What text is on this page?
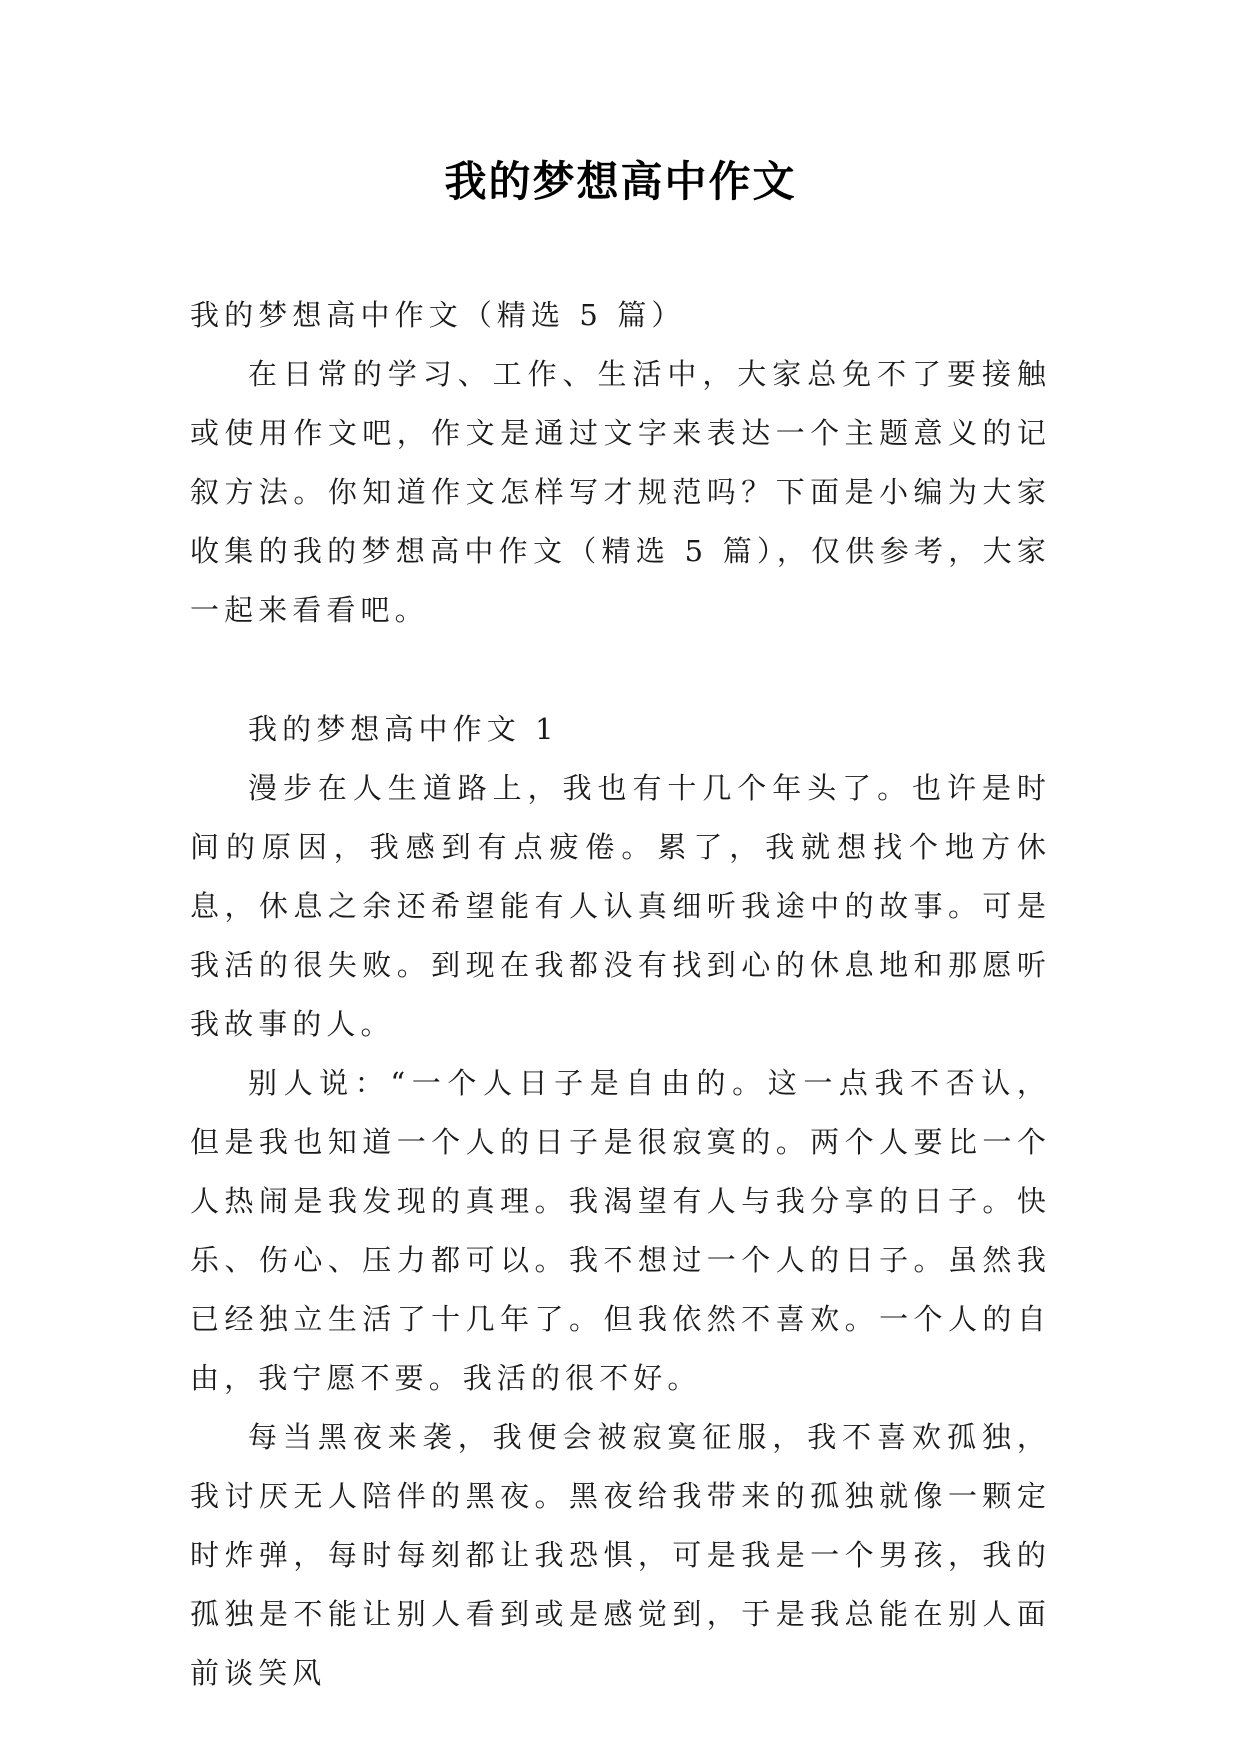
我的梦想高中作文

我的梦想高中作文（精选 5 篇）

在日常的学习、工作、生活中，大家总免不了要接触或使用作文吧，作文是通过文字来表达一个主题意义的记叙方法。你知道作文怎样写才规范吗？下面是小编为大家收集的我的梦想高中作文（精选 5 篇），仅供参考，大家一起来看看吧。

我的梦想高中作文 1

漫步在人生道路上，我也有十几个年头了。也许是时间的原因，我感到有点疲倦。累了，我就想找个地方休息，休息之余还希望能有人认真细听我途中的故事。可是我活的很失败。到现在我都没有找到心的休息地和那愿听我故事的人。

别人说：“一个人日子是自由的。这一点我不否认，但是我也知道一个人的日子是很寂寞的。两个人要比一个人热闹是我发现的真理。我渴望有人与我分享的日子。快乐、伤心、压力都可以。我不想过一个人的日子。虽然我已经独立生活了十几年了。但我依然不喜欢。一个人的自由，我宁愿不要。我活的很不好。

每当黑夜来袭，我便会被寂寞征服，我不喜欢孤独，我讨厌无人陪伴的黑夜。黑夜给我带来的孤独就像一颗定时炸弹，每时每刻都让我恐惧，可是我是一个男孩，我的孤独是不能让别人看到或是感觉到，于是我总能在别人面前谈笑风
